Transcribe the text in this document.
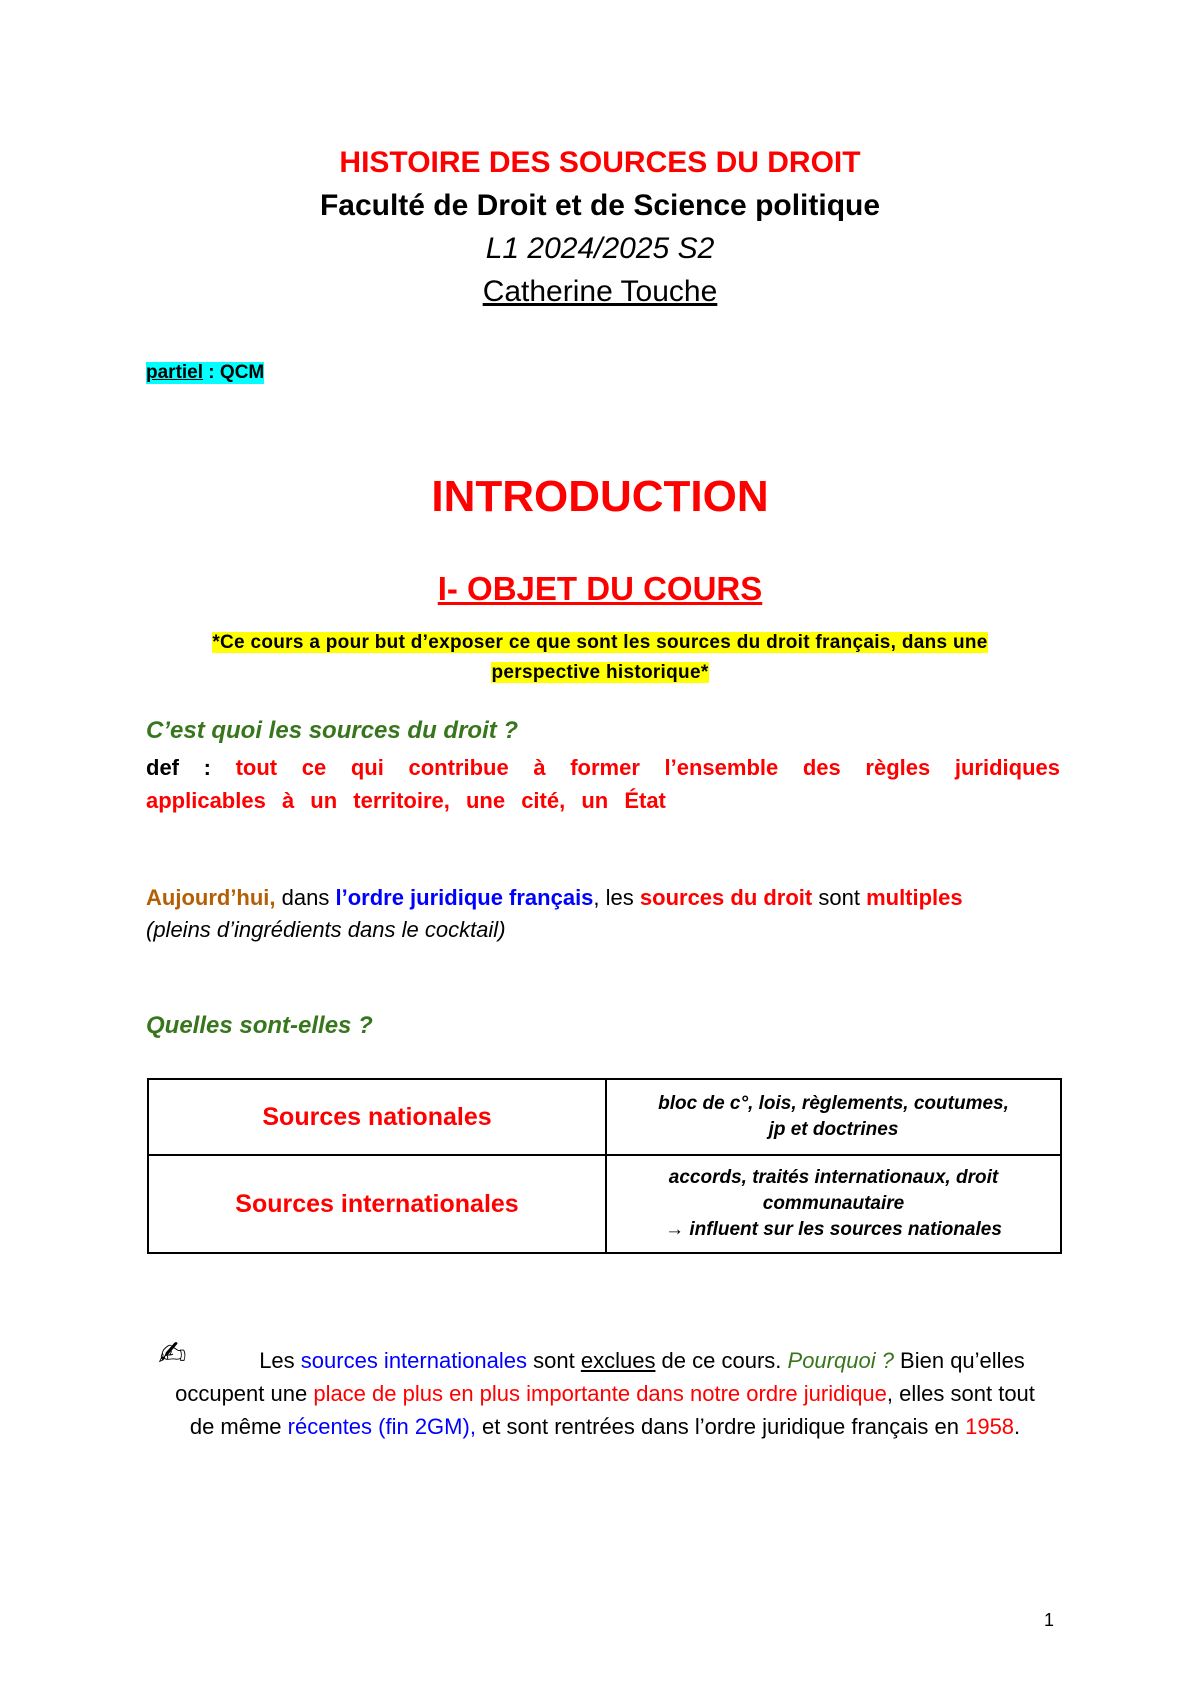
HISTOIRE DES SOURCES DU DROIT
Faculté de Droit et de Science politique
L1 2024/2025 S2
Catherine Touche
partiel : QCM
INTRODUCTION
I- OBJET DU COURS
*Ce cours a pour but d’exposer ce que sont les sources du droit français, dans une
perspective historique*
C’est quoi les sources du droit ?
def : tout ce qui contribue à former l’ensemble des règles juridiques applicables à un territoire, une cité, un État
Aujourd’hui, dans l’ordre juridique français, les sources du droit sont multiples
(pleins d’ingrédients dans le cocktail)
Quelles sont-elles ?
Sources nationales	bloc de c°, lois, règlements, coutumes,
jp et doctrines
Sources internationales	accords, traités internationaux, droit
communautaire
→ influent sur les sources nationales
✍	Les sources internationales sont exclues de ce cours. Pourquoi ? Bien qu’elles occupent une place de plus en plus importante dans notre ordre juridique, elles sont tout de même récentes (fin 2GM), et sont rentrées dans l’ordre juridique français en 1958.
1
